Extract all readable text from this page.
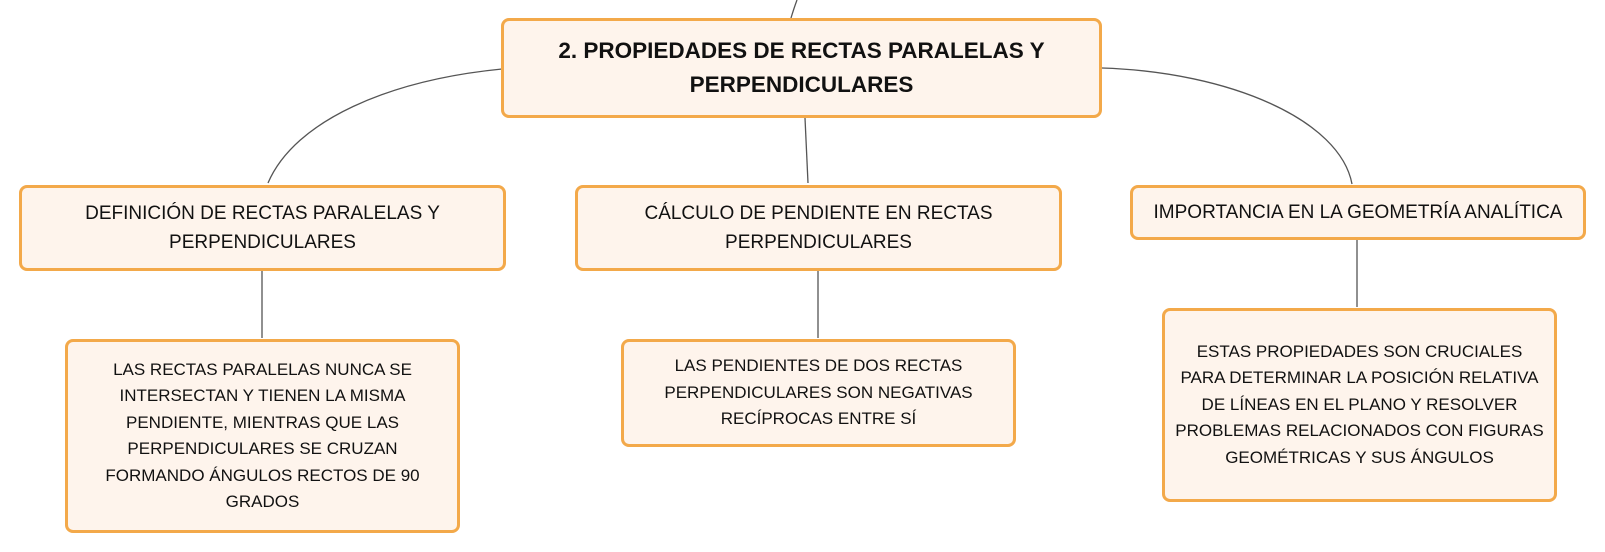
2. PROPIEDADES DE RECTAS PARALELAS Y PERPENDICULARES
DEFINICIÓN DE RECTAS PARALELAS Y PERPENDICULARES
CÁLCULO DE PENDIENTE EN RECTAS PERPENDICULARES
IMPORTANCIA EN LA GEOMETRÍA ANALÍTICA
LAS RECTAS PARALELAS NUNCA SE INTERSECTAN Y TIENEN LA MISMA PENDIENTE, MIENTRAS QUE LAS PERPENDICULARES SE CRUZAN FORMANDO ÁNGULOS RECTOS DE 90 GRADOS
LAS PENDIENTES DE DOS RECTAS PERPENDICULARES SON NEGATIVAS RECÍPROCAS ENTRE SÍ
ESTAS PROPIEDADES SON CRUCIALES PARA DETERMINAR LA POSICIÓN RELATIVA DE LÍNEAS EN EL PLANO Y RESOLVER PROBLEMAS RELACIONADOS CON FIGURAS GEOMÉTRICAS Y SUS ÁNGULOS
